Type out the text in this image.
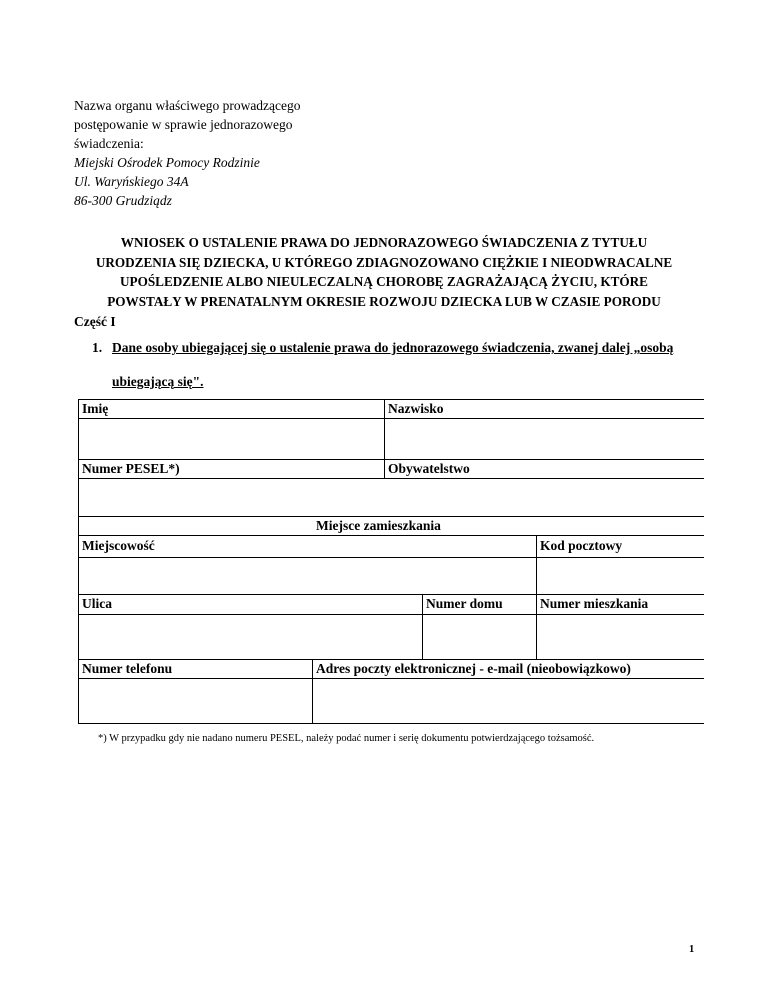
Nazwa organu właściwego prowadzącego
postępowanie w sprawie jednorazowego
świadczenia:
Miejski Ośrodek Pomocy Rodzinie
Ul. Waryńskiego 34A
86-300 Grudziądz
WNIOSEK O USTALENIE PRAWA DO JEDNORAZOWEGO ŚWIADCZENIA Z TYTUŁU
URODZENIA SIĘ DZIECKA, U KTÓREGO ZDIAGNOZOWANO CIĘŻKIE I NIEODWRACALNE
UPOŚLEDZENIE ALBO NIEULECZALNĄ CHOROBĘ ZAGRAŻAJĄCĄ ŻYCIU, KTÓRE
POWSTAŁY W PRENATALNYM OKRESIE ROZWOJU DZIECKA LUB W CZASIE PORODU
Część I
1. Dane osoby ubiegającej się o ustalenie prawa do jednorazowego świadczenia, zwanej dalej „osobą
ubiegającą się".
Imię	Nazwisko
Numer PESEL*)	Obywatelstwo
Miejsce zamieszkania
Miejscowość	Kod pocztowy
Ulica	Numer domu	Numer mieszkania
Numer telefonu	Adres poczty elektronicznej - e-mail (nieobowiązkowo)
*) W przypadku gdy nie nadano numeru PESEL, należy podać numer i serię dokumentu potwierdzającego tożsamość.
1
